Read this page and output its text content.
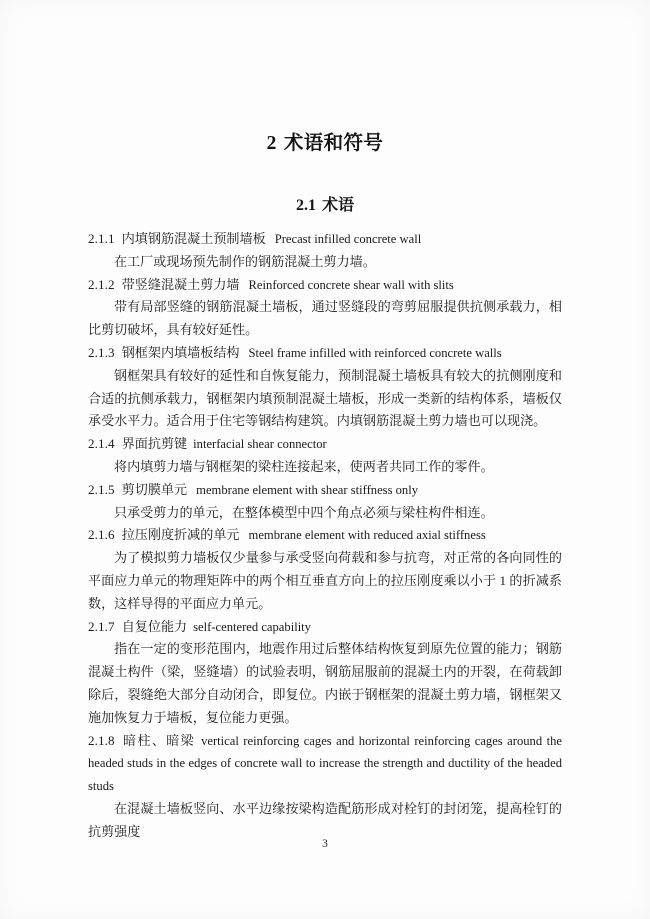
2 术语和符号
2.1 术语
2.1.1 内填钢筋混凝土预制墙板 Precast infilled concrete wall
在工厂或现场预先制作的钢筋混凝土剪力墙。
2.1.2 带竖缝混凝土剪力墙 Reinforced concrete shear wall with slits
带有局部竖缝的钢筋混凝土墙板，通过竖缝段的弯剪屈服提供抗侧承载力，相比剪切破坏，具有较好延性。
2.1.3 钢框架内填墙板结构 Steel frame infilled with reinforced concrete walls
钢框架具有较好的延性和自恢复能力，预制混凝土墙板具有较大的抗侧刚度和合适的抗侧承载力，钢框架内填预制混凝土墙板，形成一类新的结构体系，墙板仅承受水平力。适合用于住宅等钢结构建筑。内填钢筋混凝土剪力墙也可以现浇。
2.1.4 界面抗剪键 interfacial shear connector
将内填剪力墙与钢框架的梁柱连接起来，使两者共同工作的零件。
2.1.5 剪切膜单元 membrane element with shear stiffness only
只承受剪力的单元，在整体模型中四个角点必须与梁柱构件相连。
2.1.6 拉压刚度折减的单元 membrane element with reduced axial stiffness
为了模拟剪力墙板仅少量参与承受竖向荷载和参与抗弯，对正常的各向同性的平面应力单元的物理矩阵中的两个相互垂直方向上的拉压刚度乘以小于 1 的折减系数，这样导得的平面应力单元。
2.1.7 自复位能力 self-centered capability
指在一定的变形范围内，地震作用过后整体结构恢复到原先位置的能力；钢筋混凝土构件（梁，竖缝墙）的试验表明，钢筋屈服前的混凝土内的开裂，在荷载卸除后，裂缝绝大部分自动闭合，即复位。内嵌于钢框架的混凝土剪力墙，钢框架又施加恢复力于墙板，复位能力更强。
2.1.8 暗柱、暗梁 vertical reinforcing cages and horizontal reinforcing cages around the headed studs in the edges of concrete wall to increase the strength and ductility of the headed studs
在混凝土墙板竖向、水平边缘按梁构造配筋形成对栓钉的封闭笼，提高栓钉的抗剪强度
3
